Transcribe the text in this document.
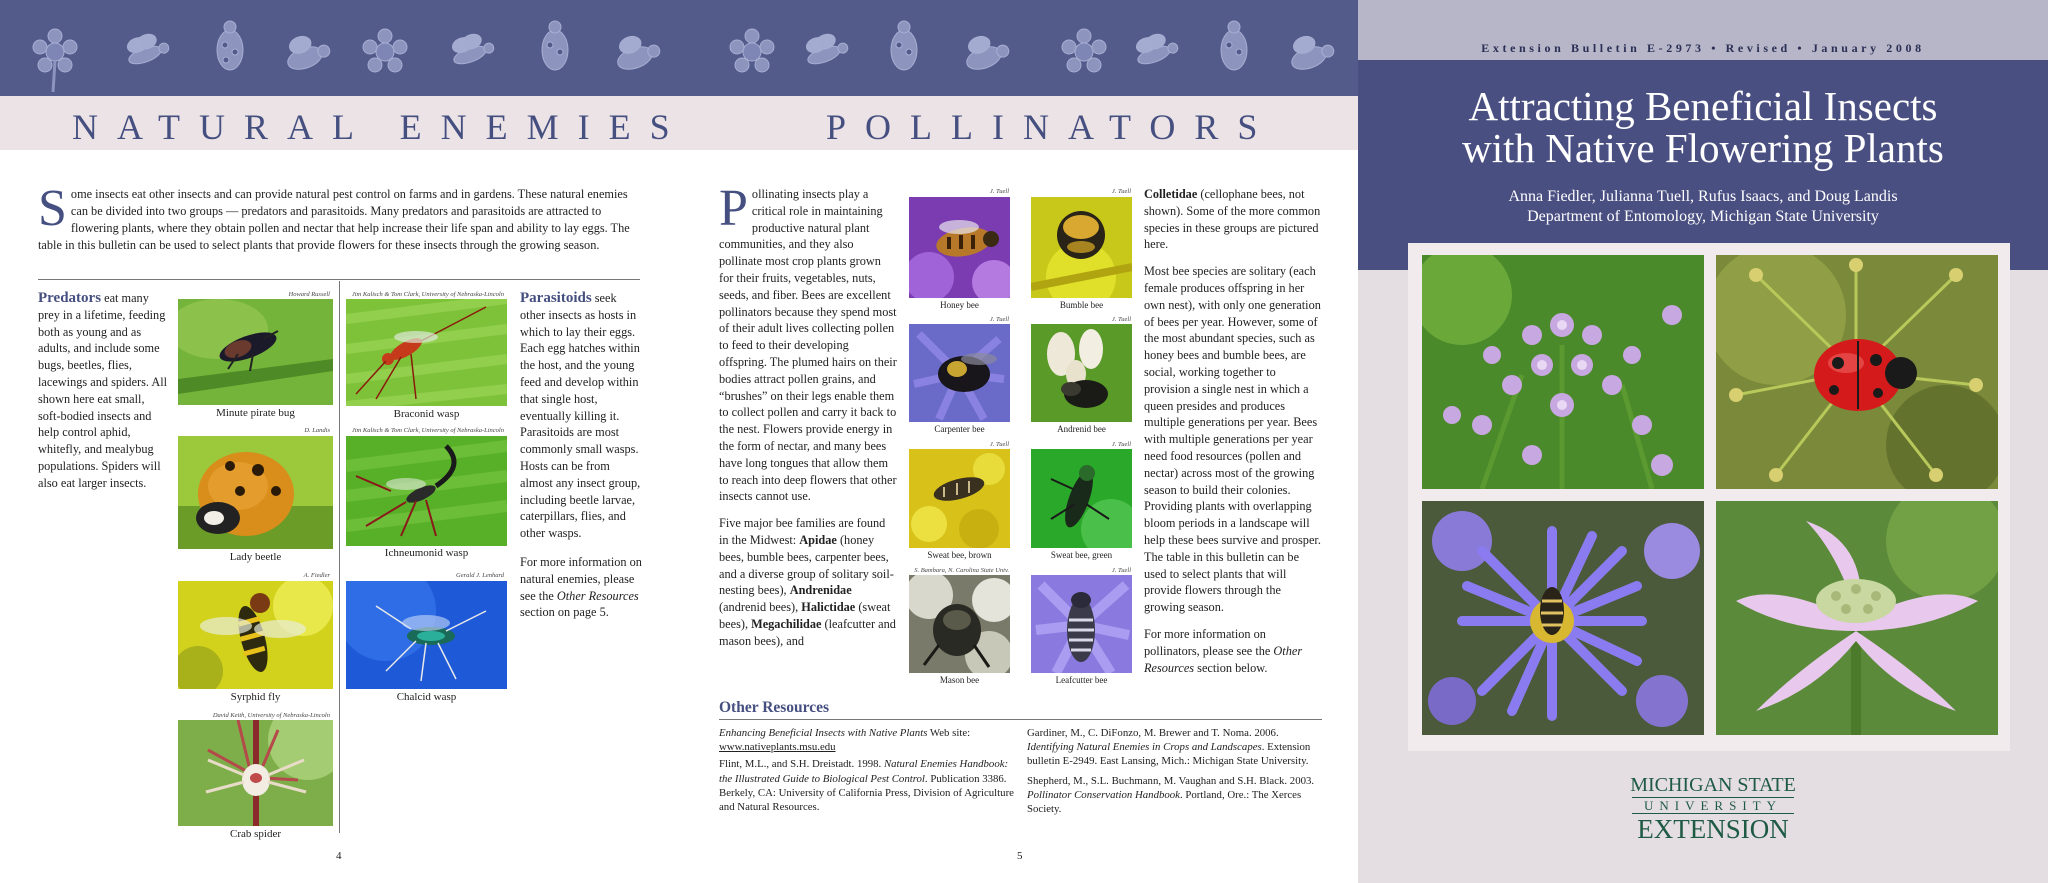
NATURAL ENEMIES	POLLINATORS
Some insects eat other insects and can provide natural pest control on farms and in gardens. These natural enemies can be divided into two groups — predators and parasitoids. Many predators and parasitoids are attracted to flowering plants, where they obtain pollen and nectar that help increase their life span and ability to lay eggs. The table in this bulletin can be used to select plants that provide flowers for these insects through the growing season.
Predators eat many prey in a lifetime, feeding both as young and as adults, and include some bugs, beetles, flies, lacewings and spiders. All shown here eat small, soft-bodied insects and help control aphid, whitefly, and mealybug populations. Spiders will also eat larger insects.
Parasitoids seek other insects as hosts in which to lay their eggs. Each egg hatches within the host, and the young feed and develop within that single host, eventually killing it. Parasitoids are most commonly small wasps. Hosts can be from almost any insect group, including beetle larvae, caterpillars, flies, and other wasps.
For more information on natural enemies, please see the Other Resources section on page 5.
Howard Russell
Minute pirate bug
D. Landis
Lady beetle
A. Fiedler
Syrphid fly
David Keith, University of Nebraska-Lincoln
Crab spider
Jim Kalisch & Tom Clark, University of Nebraska-Lincoln
Braconid wasp
Jim Kalisch & Tom Clark, University of Nebraska-Lincoln
Ichneumonid wasp
Gerald J. Lenhard
Chalcid wasp
4
Pollinating insects play a critical role in maintaining productive natural plant communities, and they also pollinate most crop plants grown for their fruits, vegetables, nuts, seeds, and fiber. Bees are excellent pollinators because they spend most of their adult lives collecting pollen to feed to their developing offspring. The plumed hairs on their bodies attract pollen grains, and “brushes” on their legs enable them to collect pollen and carry it back to the nest. Flowers provide energy in the form of nectar, and many bees have long tongues that allow them to reach into deep flowers that other insects cannot use.
Five major bee families are found in the Midwest: Apidae (honey bees, bumble bees, carpenter bees, and a diverse group of solitary soil-nesting bees), Andrenidae (andrenid bees), Halictidae (sweat bees), Megachilidae (leafcutter and mason bees), and
Colletidae (cellophane bees, not shown). Some of the more common species in these groups are pictured here.
Most bee species are solitary (each female produces offspring in her own nest), with only one generation of bees per year. However, some of the most abundant species, such as honey bees and bumble bees, are social, working together to provision a single nest in which a queen presides and produces multiple generations per year. Bees with multiple generations per year need food resources (pollen and nectar) across most of the growing season to build their colonies. Providing plants with overlapping bloom periods in a landscape will help these bees survive and prosper. The table in this bulletin can be used to select plants that will provide flowers through the growing season.
For more information on pollinators, please see the Other Resources section below.
J. Tuell
Honey bee
J. Tuell
Bumble bee
J. Tuell
Carpenter bee
J. Tuell
Andrenid bee
J. Tuell
Sweat bee, brown
J. Tuell
Sweat bee, green
S. Bambara, N. Carolina State Univ.
Mason bee
J. Tuell
Leafcutter bee
Other Resources
Enhancing Beneficial Insects with Native Plants Web site:
www.nativeplants.msu.edu
Flint, M.L., and S.H. Dreistadt. 1998. Natural Enemies Handbook: the Illustrated Guide to Biological Pest Control. Publication 3386. Berkely, CA: University of California Press, Division of Agriculture and Natural Resources.
Gardiner, M., C. DiFonzo, M. Brewer and T. Noma. 2006. Identifying Natural Enemies in Crops and Landscapes. Extension bulletin E-2949. East Lansing, Mich.: Michigan State University.
Shepherd, M., S.L. Buchmann, M. Vaughan and S.H. Black. 2003. Pollinator Conservation Handbook. Portland, Ore.: The Xerces Society.
5
Extension Bulletin E-2973 • Revised • January 2008
Attracting Beneficial Insects
with Native Flowering Plants
Anna Fiedler, Julianna Tuell, Rufus Isaacs, and Doug Landis
Department of Entomology, Michigan State University
MICHIGAN STATE
UNIVERSITY
EXTENSION
